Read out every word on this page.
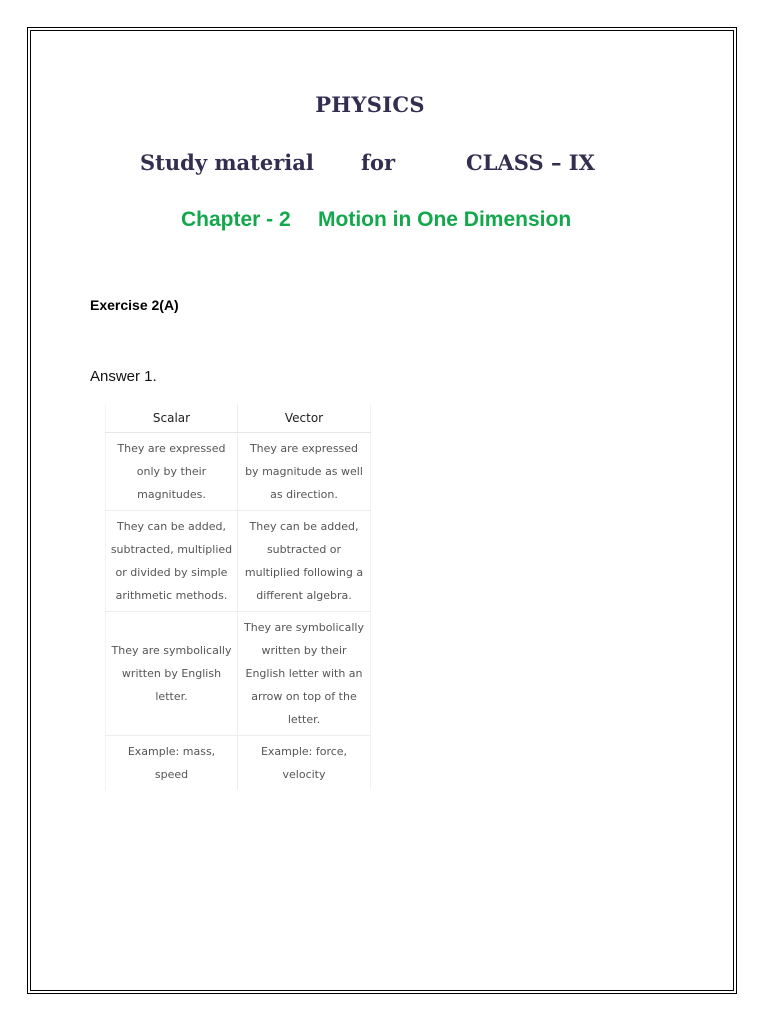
PHYSICS
Study material for	CLASS – IX
Chapter - 2 Motion in One Dimension
Exercise 2(A)
Answer 1.
Scalar	Vector

They are expressed only by their magnitudes.	They are expressed by magnitude as well as direction.

They can be added, subtracted, multiplied or divided by simple arithmetic methods.	They can be added, subtracted or multiplied following a different algebra.

They are symbolically written by English letter.	They are symbolically written by their English letter with an arrow on top of the letter.

Example: mass, speed	Example: force, velocity
